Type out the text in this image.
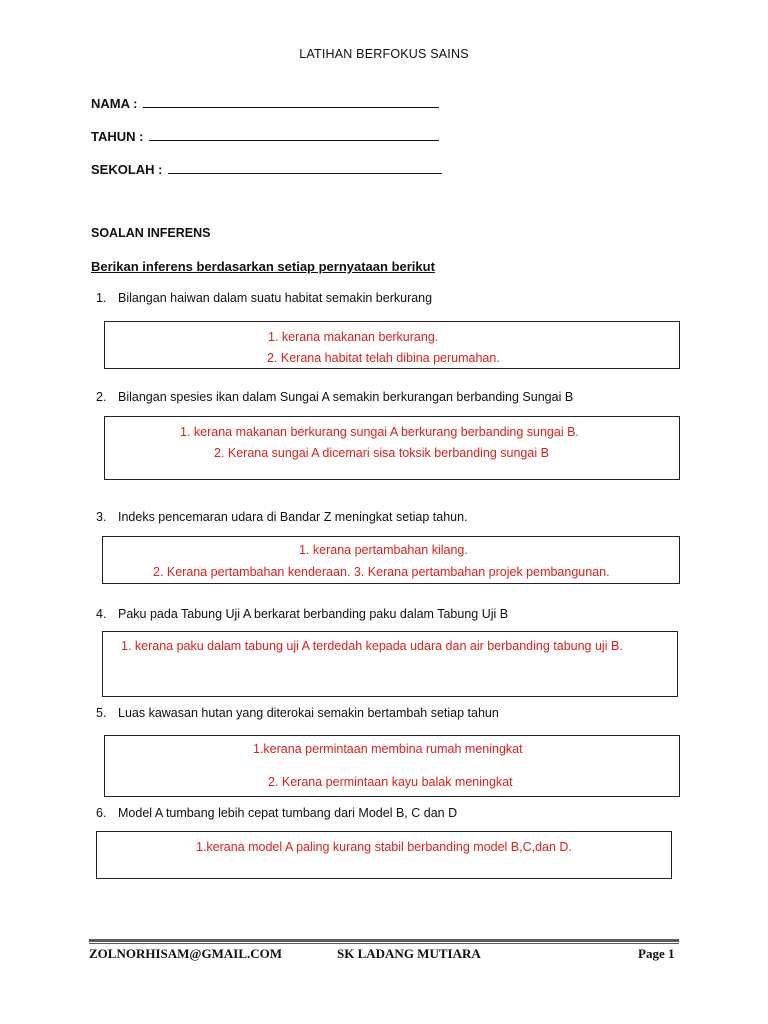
LATIHAN BERFOKUS SAINS
NAMA :
TAHUN :
SEKOLAH :
SOALAN INFERENS
Berikan inferens berdasarkan setiap pernyataan berikut
1. Bilangan haiwan dalam suatu habitat semakin berkurang
1. kerana makanan berkurang.
2. Kerana habitat telah dibina perumahan.
2. Bilangan spesies ikan dalam Sungai A semakin berkurangan berbanding Sungai B
1. kerana makanan berkurang sungai A berkurang berbanding sungai B.
2. Kerana sungai A dicemari sisa toksik berbanding sungai B
3. Indeks pencemaran udara di Bandar Z meningkat setiap tahun.
1. kerana pertambahan kilang.
2. Kerana pertambahan kenderaan. 3. Kerana pertambahan projek pembangunan.
4. Paku pada Tabung Uji A berkarat berbanding paku dalam Tabung Uji B
1. kerana paku dalam tabung uji A terdedah kepada udara dan air berbanding tabung uji B.
5. Luas kawasan hutan yang diterokai semakin bertambah setiap tahun
1.kerana permintaan membina rumah meningkat
2. Kerana permintaan kayu balak meningkat
6. Model A tumbang lebih cepat tumbang dari Model B, C dan D
1.kerana model A paling kurang stabil berbanding model B,C,dan D.
ZOLNORHISAM@GMAIL.COM	SK LADANG MUTIARA	Page 1
